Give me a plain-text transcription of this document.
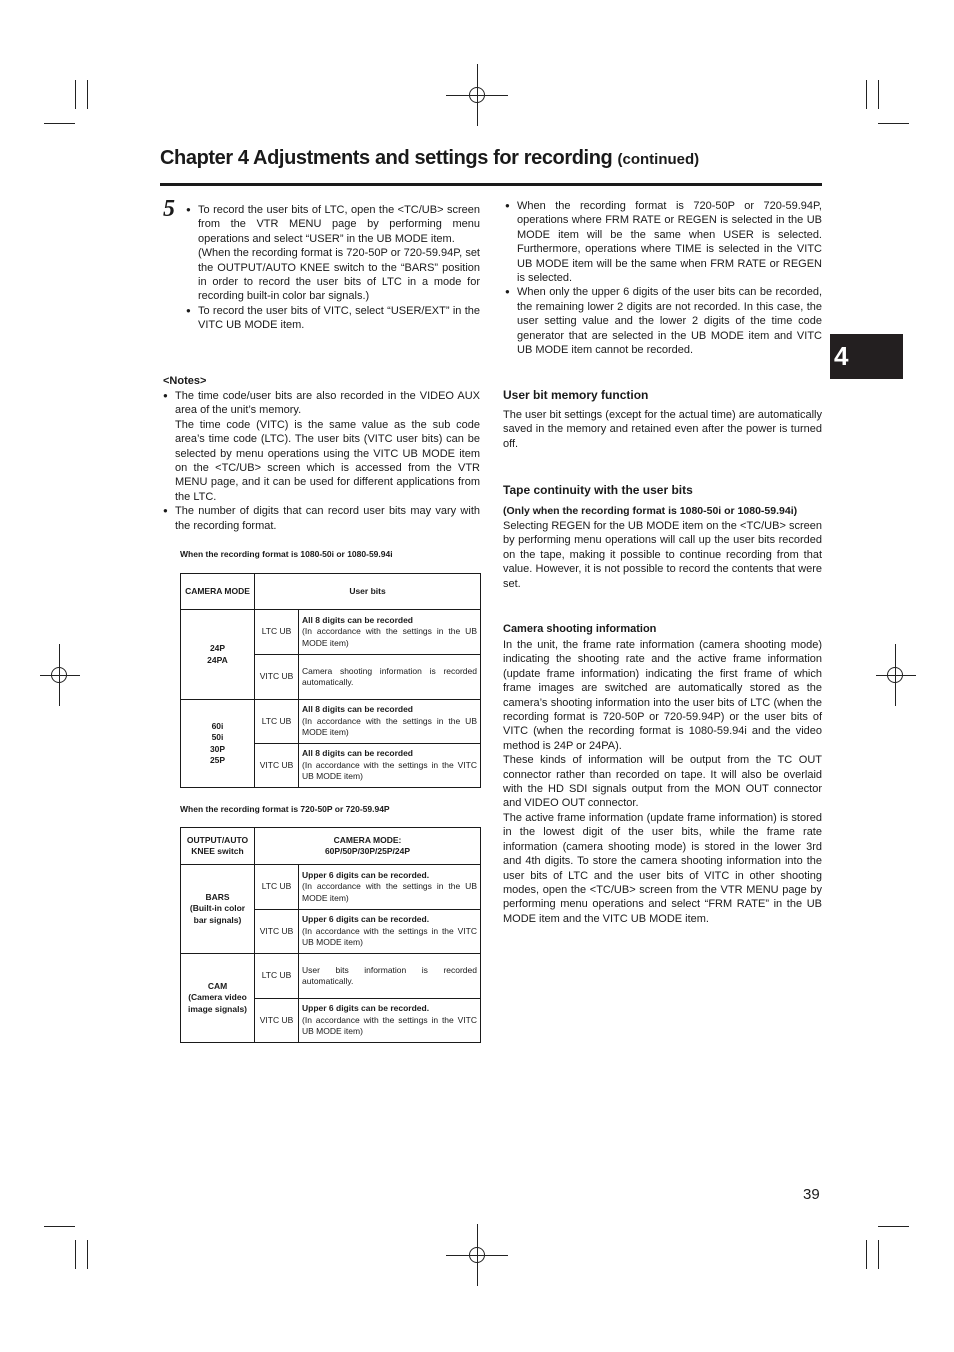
Chapter 4 Adjustments and settings for recording (continued)
4
5 ● To record the user bits of LTC, open the <TC/UB> screen from the VTR MENU page by performing menu operations and select “USER” in the UB MODE item.

(When the recording format is 720-50P or 720-59.94P, set the OUTPUT/AUTO KNEE switch to the “BARS” position in order to record the user bits of LTC in a mode for recording built-in color bar signals.)

● To record the user bits of VITC, select “USER/EXT” in the VITC UB MODE item.

<Notes>

● The time code/user bits are also recorded in the VIDEO AUX area of the unit’s memory.

The time code (VITC) is the same value as the sub code area’s time code (LTC). The user bits (VITC user bits) can be selected by menu operations using the VITC UB MODE item on the <TC/UB> screen which is accessed from the VTR MENU page, and it can be used for different applications from the LTC.

● The number of digits that can record user bits may vary with the recording format.

When the recording format is 1080-50i or 1080-59.94i
CAMERA MODE	User bits	
24P
24PA	LTC UB	All 8 digits can be recorded
(In accordance with the settings in the UB MODE item)
	VITC UB	Camera shooting information is recorded automatically.
60i
50i
30P
25P	LTC UB	All 8 digits can be recorded
(In accordance with the settings in the UB MODE item)
	VITC UB	All 8 digits can be recorded
(In accordance with the settings in the VITC UB MODE item)
When the recording format is 720-50P or 720-59.94P
OUTPUT/AUTO
KNEE switch	CAMERA MODE:
60P/50P/30P/25P/24P	
BARS
(Built-in color
bar signals)	LTC UB	Upper 6 digits can be recorded.
(In accordance with the settings in the UB MODE item)
	VITC UB	Upper 6 digits can be recorded.
(In accordance with the settings in the VITC UB MODE item)
CAM
(Camera video
image signals)	LTC UB	User bits information is recorded automatically.
	VITC UB	Upper 6 digits can be recorded.
(In accordance with the settings in the VITC UB MODE item)

● When the recording format is 720-50P or 720-59.94P, operations where FRM RATE or REGEN is selected in the UB MODE item will be the same when USER is selected. Furthermore, operations where TIME is selected in the VITC UB MODE item will be the same when FRM RATE or REGEN is selected.

● When only the upper 6 digits of the user bits can be recorded, the remaining lower 2 digits are not recorded. In this case, the user setting value and the lower 2 digits of the time code generator that are selected in the UB MODE item and VITC UB MODE item cannot be recorded.

User bit memory function
The user bit settings (except for the actual time) are automatically saved in the memory and retained even after the power is turned off.
Tape continuity with the user bits
(Only when the recording format is 1080-50i or 1080-59.94i)
Selecting REGEN for the UB MODE item on the <TC/UB> screen by performing menu operations will call up the user bits recorded on the tape, making it possible to continue recording from that value. However, it is not possible to record the contents that were set.
Camera shooting information

In the unit, the frame rate information (camera shooting mode) indicating the shooting rate and the active frame information (update frame information) indicating the first frame of which frame images are switched are automatically stored as the camera’s shooting information into the user bits of LTC (when the recording format is 720-50P or 720-59.94P) or the user bits of VITC (when the recording format is 1080-59.94i and the video method is 24P or 24PA).

These kinds of information will be output from the TC OUT connector rather than recorded on tape. It will also be overlaid with the HD SDI signals output from the MON OUT connector and VIDEO OUT connector.

The active frame information (update frame information) is stored in the lowest digit of the user bits, while the frame rate information (camera shooting mode) is stored in the lower 3rd and 4th digits. To store the camera shooting information into the user bits of LTC and the user bits of VITC in other shooting modes, open the <TC/UB> screen from the VTR MENU page by performing menu operations and select “FRM RATE” in the UB MODE item and the VITC UB MODE item.

39
